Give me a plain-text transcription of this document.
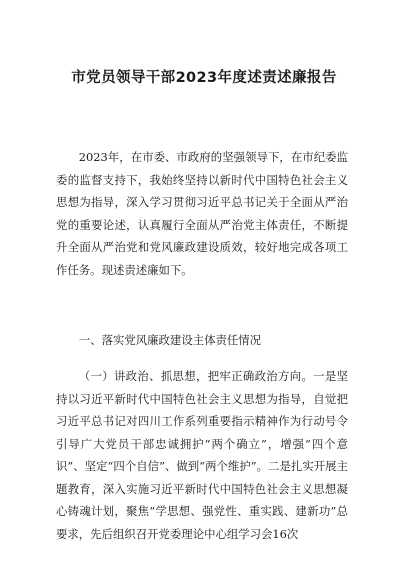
市党员领导干部2023年度述责述廉报告

2023年，在市委、市政府的坚强领导下，在市纪委监委的监督支持下，我始终坚持以新时代中国特色社会主义思想为指导，深入学习贯彻习近平总书记关于全面从严治党的重要论述，认真履行全面从严治党主体责任，不断提升全面从严治党和党风廉政建设质效，较好地完成各项工作任务。现述责述廉如下。

一、落实党风廉政建设主体责任情况

（一）讲政治、抓思想，把牢正确政治方向。一是坚持以习近平新时代中国特色社会主义思想为指导，自觉把习近平总书记对四川工作系列重要指示精神作为行动号令引导广大党员干部忠诚拥护“两个确立”，增强“四个意识”、坚定“四个自信”、做到“两个维护”。二是扎实开展主题教育，深入实施习近平新时代中国特色社会主义思想凝心铸魂计划，聚焦“学思想、强党性、重实践、建新功”总要求，先后组织召开党委理论中心组学习会16次
